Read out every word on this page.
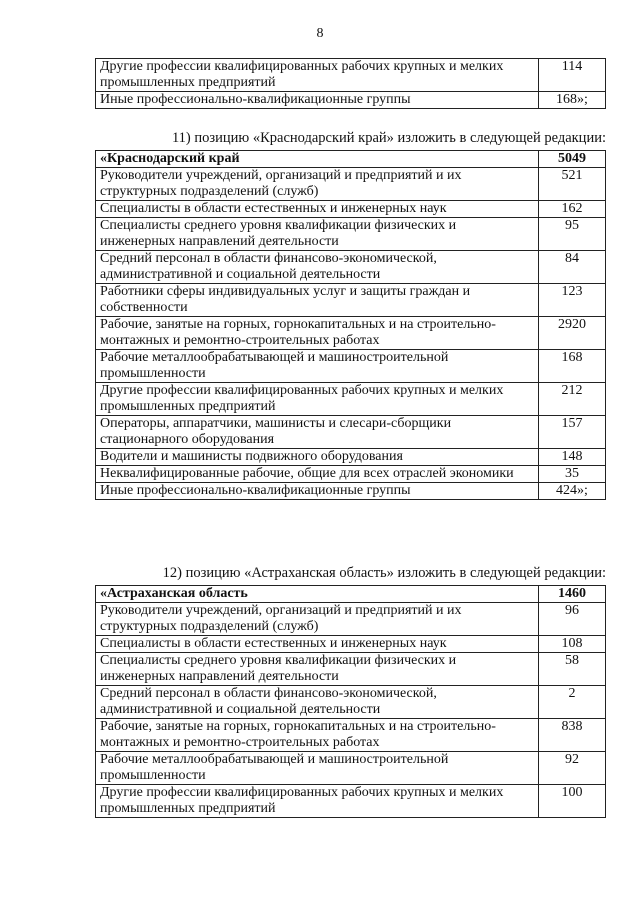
8
Другие профессии квалифицированных рабочих крупных и мелких промышленных предприятий	114
Иные профессионально-квалификационные группы	168»;
11) позицию «Краснодарский край» изложить в следующей редакции:
«Краснодарский край	5049
Руководители учреждений, организаций и предприятий и их структурных подразделений (служб)	521
Специалисты в области естественных и инженерных наук	162
Специалисты среднего уровня квалификации физических и инженерных направлений деятельности	95
Средний персонал в области финансово-экономической, административной и социальной деятельности	84
Работники сферы индивидуальных услуг и защиты граждан и собственности	123
Рабочие, занятые на горных, горнокапитальных и на строительно-монтажных и ремонтно-строительных работах	2920
Рабочие металлообрабатывающей и машиностроительной промышленности	168
Другие профессии квалифицированных рабочих крупных и мелких промышленных предприятий	212
Операторы, аппаратчики, машинисты и слесари-сборщики стационарного оборудования	157
Водители и машинисты подвижного оборудования	148
Неквалифицированные рабочие, общие для всех отраслей экономики	35
Иные профессионально-квалификационные группы	424»;
12) позицию «Астраханская область» изложить в следующей редакции:
«Астраханская область	1460
Руководители учреждений, организаций и предприятий и их структурных подразделений (служб)	96
Специалисты в области естественных и инженерных наук	108
Специалисты среднего уровня квалификации физических и инженерных направлений деятельности	58
Средний персонал в области финансово-экономической, административной и социальной деятельности	2
Рабочие, занятые на горных, горнокапитальных и на строительно-монтажных и ремонтно-строительных работах	838
Рабочие металлообрабатывающей и машиностроительной промышленности	92
Другие профессии квалифицированных рабочих крупных и мелких промышленных предприятий	100
